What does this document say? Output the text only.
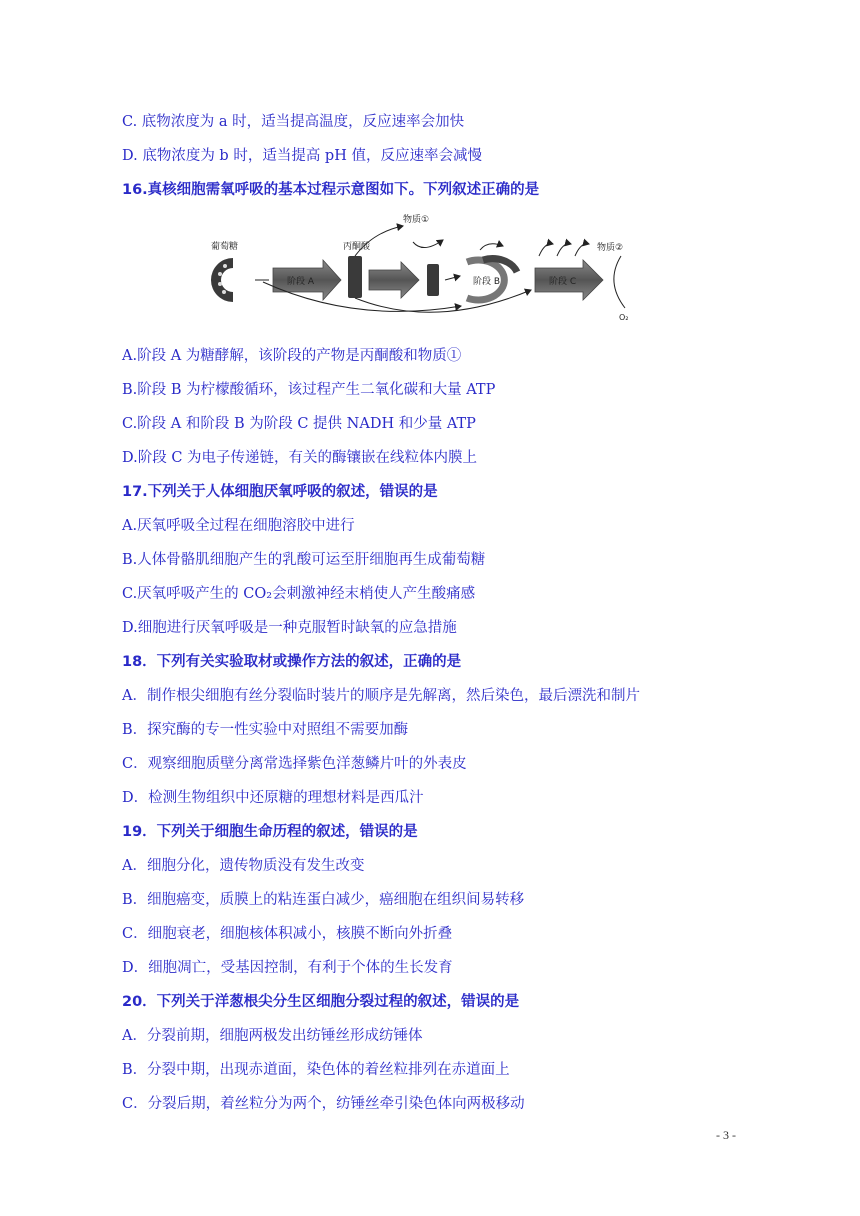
C. 底物浓度为 a 时，适当提高温度，反应速率会加快
D. 底物浓度为 b 时，适当提高 pH 值，反应速率会减慢
16.真核细胞需氧呼吸的基本过程示意图如下。下列叙述正确的是
葡萄糖
阶段 A
丙酮酸
阶段 B
物质①
阶段 C
物质②
O₂
A.阶段 A 为糖酵解，该阶段的产物是丙酮酸和物质①
B.阶段 B 为柠檬酸循环，该过程产生二氧化碳和大量 ATP
C.阶段 A 和阶段 B 为阶段 C 提供 NADH 和少量 ATP
D.阶段 C 为电子传递链，有关的酶镶嵌在线粒体内膜上
17.下列关于人体细胞厌氧呼吸的叙述，错误的是
A.厌氧呼吸全过程在细胞溶胶中进行
B.人体骨骼肌细胞产生的乳酸可运至肝细胞再生成葡萄糖
C.厌氧呼吸产生的 CO₂会刺激神经末梢使人产生酸痛感
D.细胞进行厌氧呼吸是一种克服暂时缺氧的应急措施
18．下列有关实验取材或操作方法的叙述，正确的是
A．制作根尖细胞有丝分裂临时装片的顺序是先解离，然后染色，最后漂洗和制片
B．探究酶的专一性实验中对照组不需要加酶
C．观察细胞质壁分离常选择紫色洋葱鳞片叶的外表皮
D．检测生物组织中还原糖的理想材料是西瓜汁
19．下列关于细胞生命历程的叙述，错误的是
A．细胞分化，遗传物质没有发生改变
B．细胞癌变，质膜上的粘连蛋白减少，癌细胞在组织间易转移
C．细胞衰老，细胞核体积减小，核膜不断向外折叠
D．细胞凋亡，受基因控制，有利于个体的生长发育
20．下列关于洋葱根尖分生区细胞分裂过程的叙述，错误的是
A．分裂前期，细胞两极发出纺锤丝形成纺锤体
B．分裂中期，出现赤道面，染色体的着丝粒排列在赤道面上
C．分裂后期，着丝粒分为两个，纺锤丝牵引染色体向两极移动
- 3 -
